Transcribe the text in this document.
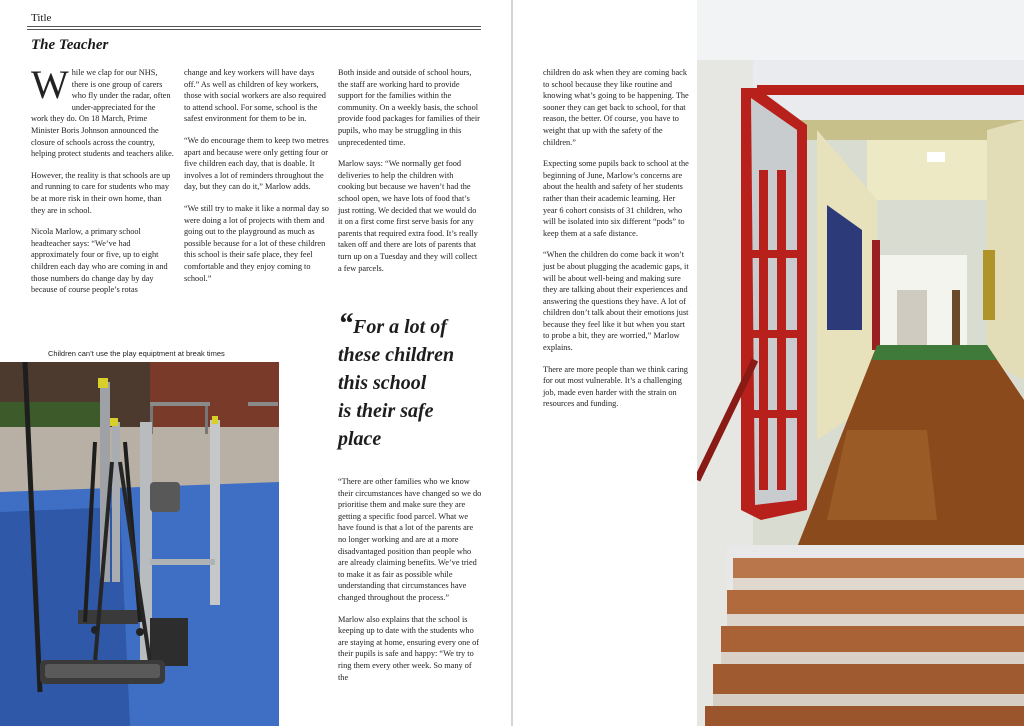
Title
The Teacher

While we clap for our NHS, there is one group of carers who fly under the radar, often under-appreciated for the work they do. On 18 March, Prime Minister Boris Johnson announced the closure of schools across the country, helping protect students and teachers alike.

However, the reality is that schools are up and running to care for students who may be at more risk in their own home, than they are in school.

Nicola Marlow, a primary school headteacher says: “We’ve had approximately four or five, up to eight children each day who are coming in and those numbers do change day by day because of course people’s rotas

change and key workers will have days off.” As well as children of key workers, those with social workers are also required to attend school. For some, school is the safest environment for them to be in.

“We do encourage them to keep two metres apart and because were only getting four or five children each day, that is doable. It involves a lot of reminders throughout the day, but they can do it,” Marlow adds.

“We still try to make it like a normal day so were doing a lot of projects with them and going out to the playground as much as possible because for a lot of these children this school is their safe place, they feel comfortable and they enjoy coming to school.”

Both inside and outside of school hours, the staff are working hard to provide support for the families within the community. On a weekly basis, the school provide food packages for families of their pupils, who may be struggling in this unprecedented time.

Marlow says: “We normally get food deliveries to help the children with cooking but because we haven’t had the school open, we have lots of food that’s just rotting. We decided that we would do it on a first come first serve basis for any parents that required extra food. It’s really taken off and there are lots of parents that turn up on a Tuesday and they will collect a few parcels.

“For a lot of
these children
this school
is their safe
place

“There are other families who we know their circumstances have changed so we do prioritise them and make sure they are getting a specific food parcel. What we have found is that a lot of the parents are no longer working and are at a more disadvantaged position than people who are already claiming benefits. We’ve tried to make it as fair as possible while understanding that circumstances have changed throughout the process.”

Marlow also explains that the school is keeping up to date with the students who are staying at home, ensuring every one of their pupils is safe and happy: “We try to ring them every other week. So many of the

Children can’t use the play equiptment at break times

children do ask when they are coming back to school because they like routine and knowing what’s going to be happening. The sooner they can get back to school, for that reason, the better. Of course, you have to weight that up with the safety of the children.”

Expecting some pupils back to school at the beginning of June, Marlow’s concerns are about the health and safety of her students rather than their academic learning. Her year 6 cohort consists of 31 children, who will be isolated into six different “pods” to keep them at a safe distance.

“When the children do come back it won’t just be about plugging the academic gaps, it will be about well-being and making sure they are talking about their experiences and answering the questions they have. A lot of children don’t talk about their emotions just because they feel like it but when you start to probe a bit, they are worried,” Marlow explains.

There are more people than we think caring for out most vulnerable. It’s a challenging job, made even harder with the strain on resources and funding.
